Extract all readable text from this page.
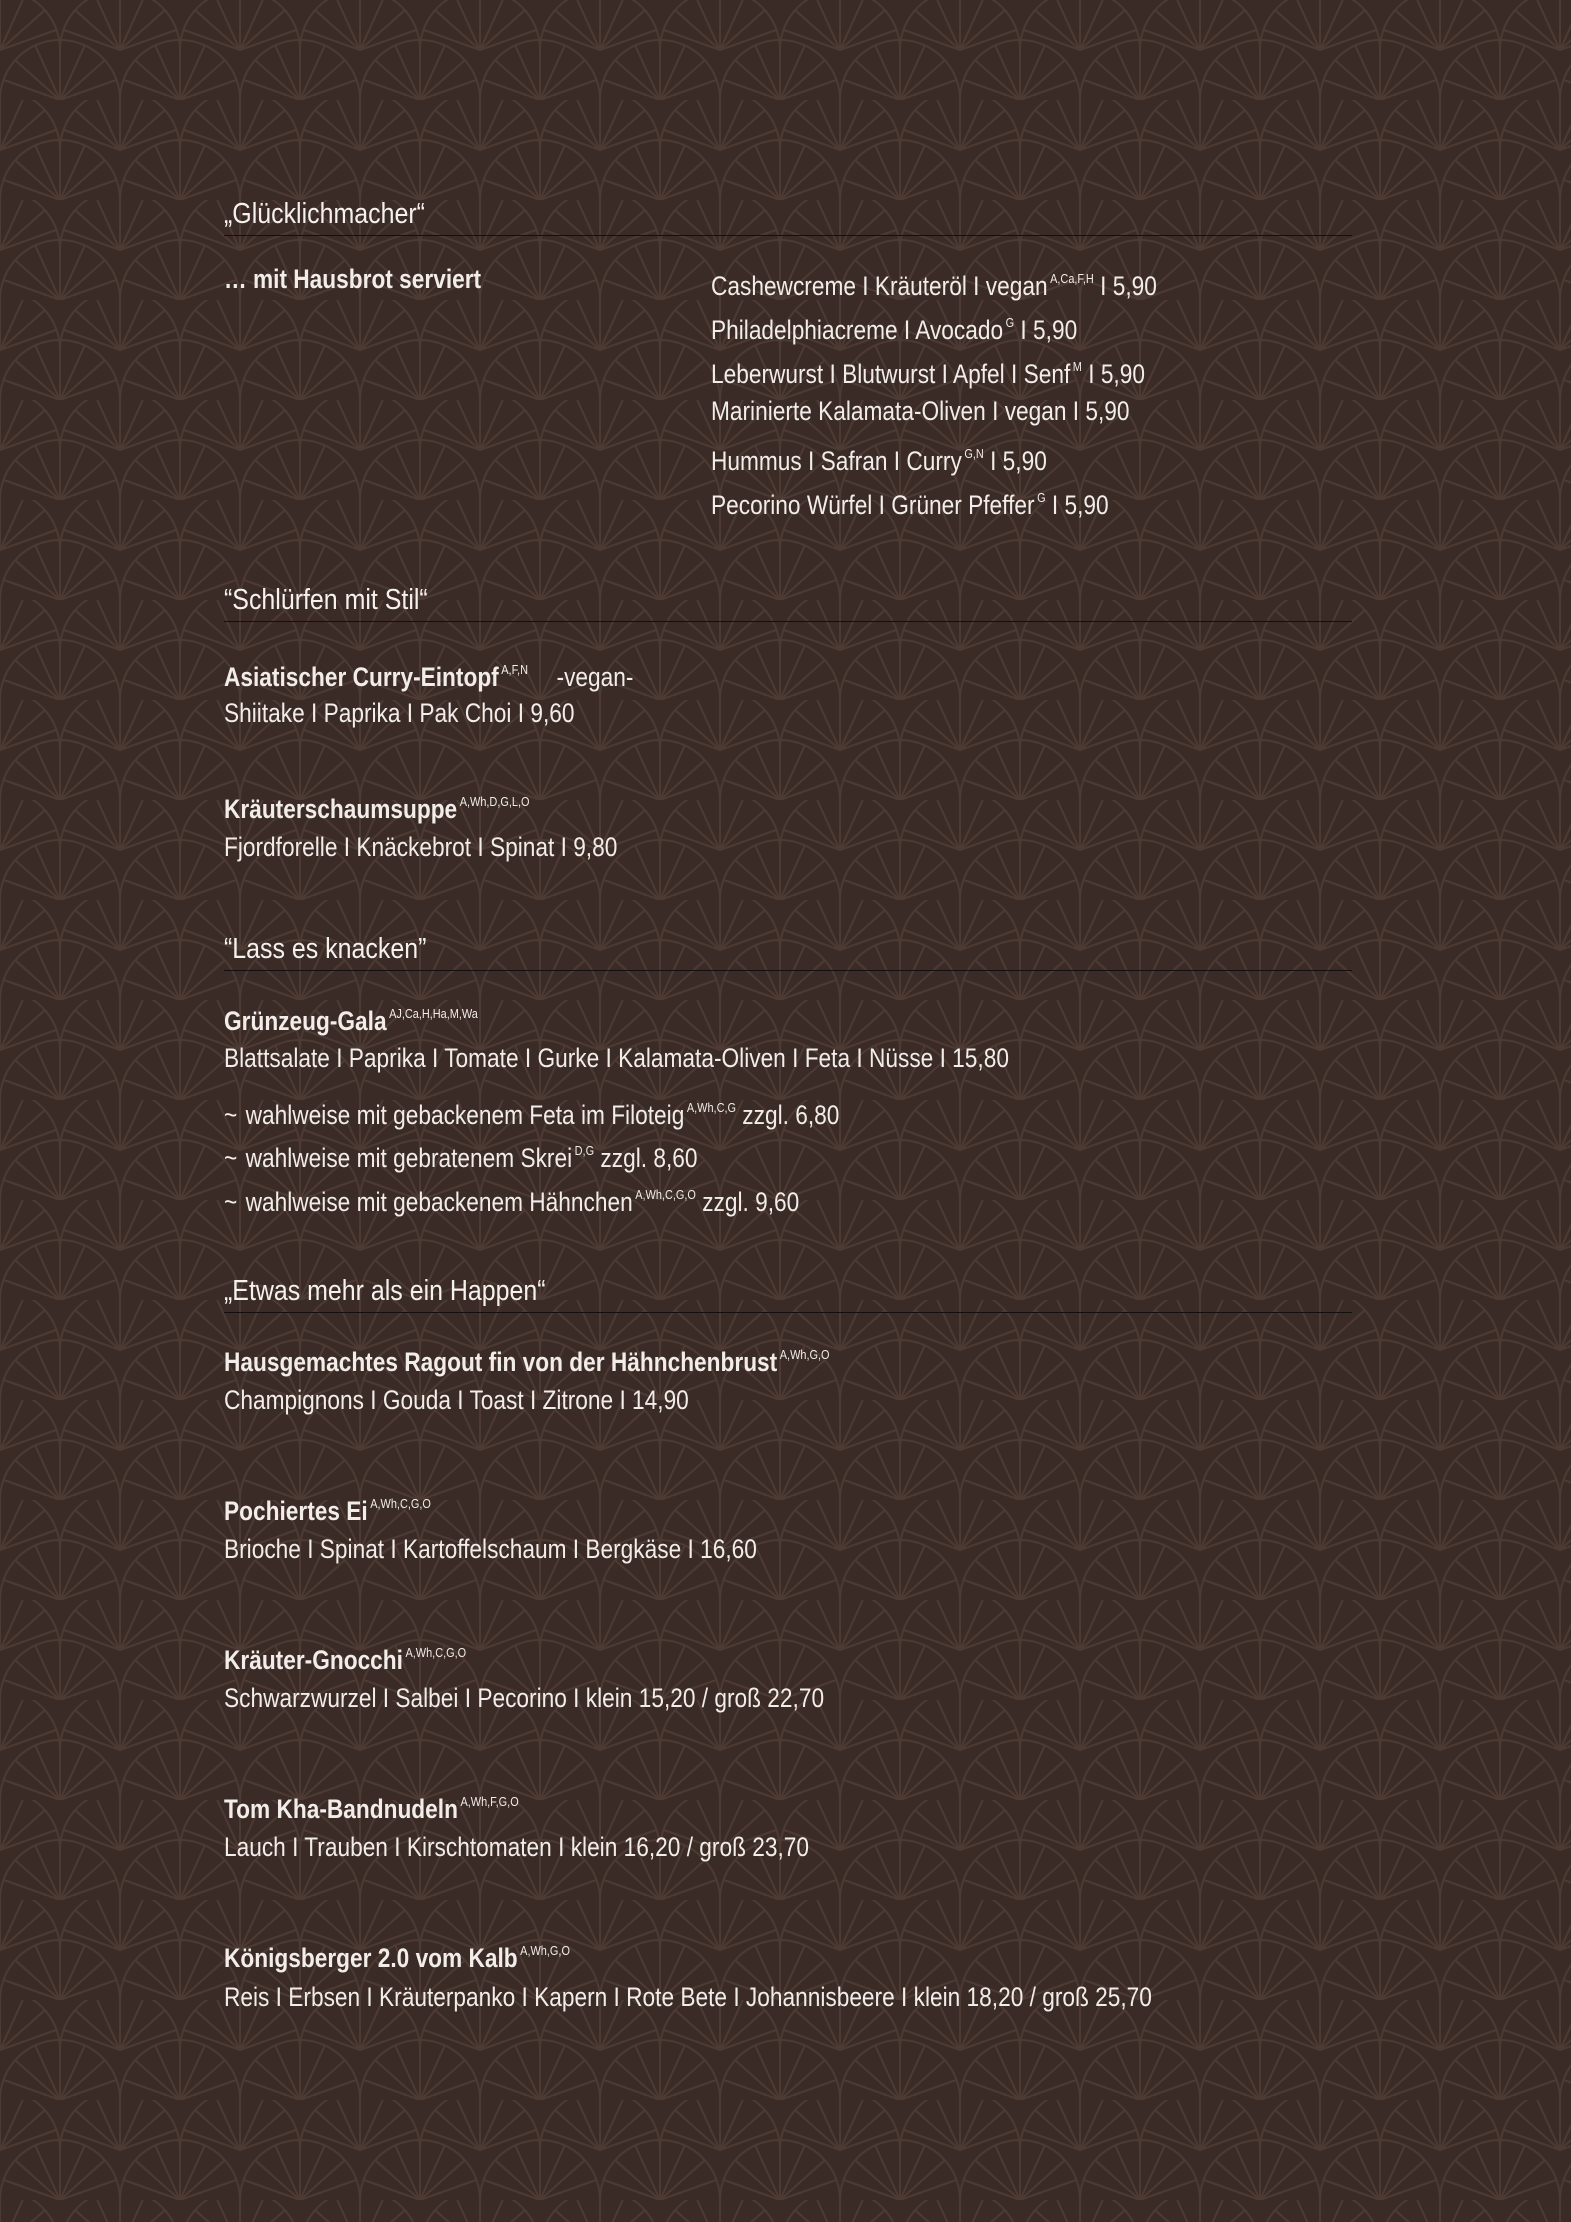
„Glücklichmacher“
… mit Hausbrot serviert	Cashewcreme I Kräuteröl I vegan $^{A,Ca,F,H}$ I 5,90
Philadelphiacreme I Avocado $^G$ I 5,90
Leberwurst I Blutwurst I Apfel I Senf $^M$ I 5,90
Marinierte Kalamata-Oliven I vegan I 5,90
Hummus I Safran I Curry $^{G,N}$ I 5,90
Pecorino Würfel I Grüner Pfeffer $^G$ I 5,90
“Schlürfen mit Stil“
Asiatischer Curry-Eintopf $^{A,F,N}$ -vegan-
Shiitake I Paprika I Pak Choi I 9,60
Kräuterschaumsuppe $^{A,Wh,D,G,L,O}$
Fjordforelle I Knäckebrot I Spinat I 9,80
“Lass es knacken”
Grünzeug-Gala $^{AJ,Ca,H,Ha,M,Wa}$
Blattsalate I Paprika I Tomate I Gurke I Kalamata-Oliven I Feta I Nüsse I 15,80
~ wahlweise mit gebackenem Feta im Filoteig $^{A,Wh,C,G}$ zzgl. 6,80
~ wahlweise mit gebratenem Skrei $^{D,G}$ zzgl. 8,60
~ wahlweise mit gebackenem Hähnchen $^{A,Wh,C,G,O}$ zzgl. 9,60
„Etwas mehr als ein Happen“
Hausgemachtes Ragout fin von der Hähnchenbrust $^{A,Wh,G,O}$
Champignons I Gouda I Toast I Zitrone I 14,90
Pochiertes Ei $^{A,Wh,C,G,O}$
Brioche I Spinat I Kartoffelschaum I Bergkäse I 16,60
Kräuter-Gnocchi $^{A,Wh,C,G,O}$
Schwarzwurzel I Salbei I Pecorino I klein 15,20 / groß 22,70
Tom Kha-Bandnudeln $^{A,Wh,F,G,O}$
Lauch I Trauben I Kirschtomaten I klein 16,20 / groß 23,70
Königsberger 2.0 vom Kalb $^{A,Wh,G,O}$
Reis I Erbsen I Kräuterpanko I Kapern I Rote Bete I Johannisbeere I klein 18,20 / groß 25,70
